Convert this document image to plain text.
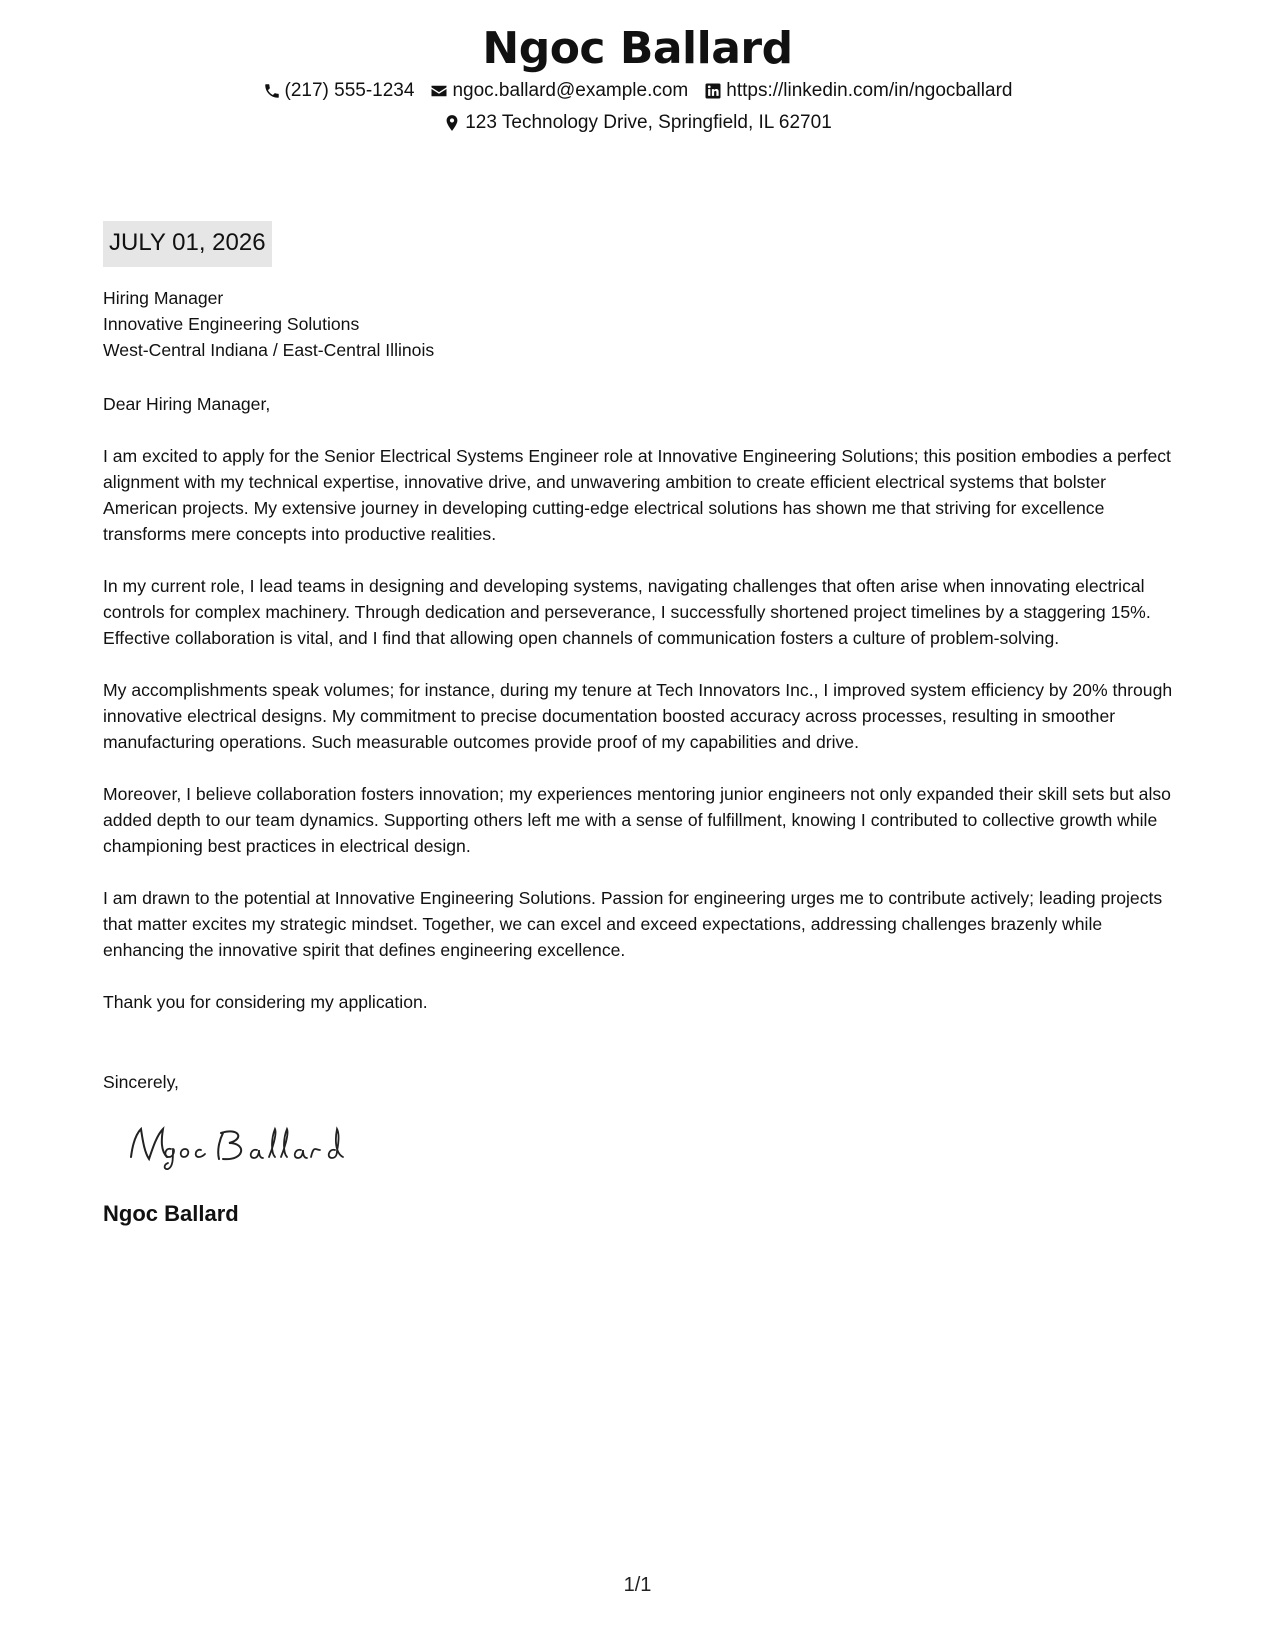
Ngoc Ballard
(217) 555-1234 ngoc.ballard@example.com https://linkedin.com/in/ngocballard
123 Technology Drive, Springfield, IL 62701
JULY 01, 2026
Hiring Manager
Innovative Engineering Solutions
West-Central Indiana / East-Central Illinois
Dear Hiring Manager,

I am excited to apply for the Senior Electrical Systems Engineer role at Innovative Engineering Solutions; this position embodies a perfect alignment with my technical expertise, innovative drive, and unwavering ambition to create efficient electrical systems that bolster American projects. My extensive journey in developing cutting-edge electrical solutions has shown me that striving for excellence transforms mere concepts into productive realities.

In my current role, I lead teams in designing and developing systems, navigating challenges that often arise when innovating electrical controls for complex machinery. Through dedication and perseverance, I successfully shortened project timelines by a staggering 15%. Effective collaboration is vital, and I find that allowing open channels of communication fosters a culture of problem-solving.

My accomplishments speak volumes; for instance, during my tenure at Tech Innovators Inc., I improved system efficiency by 20% through innovative electrical designs. My commitment to precise documentation boosted accuracy across processes, resulting in smoother manufacturing operations. Such measurable outcomes provide proof of my capabilities and drive.

Moreover, I believe collaboration fosters innovation; my experiences mentoring junior engineers not only expanded their skill sets but also added depth to our team dynamics. Supporting others left me with a sense of fulfillment, knowing I contributed to collective growth while championing best practices in electrical design.

I am drawn to the potential at Innovative Engineering Solutions. Passion for engineering urges me to contribute actively; leading projects that matter excites my strategic mindset. Together, we can excel and exceed expectations, addressing challenges brazenly while enhancing the innovative spirit that defines engineering excellence.

Thank you for considering my application.
Sincerely,
Ngoc Ballard
1/1
